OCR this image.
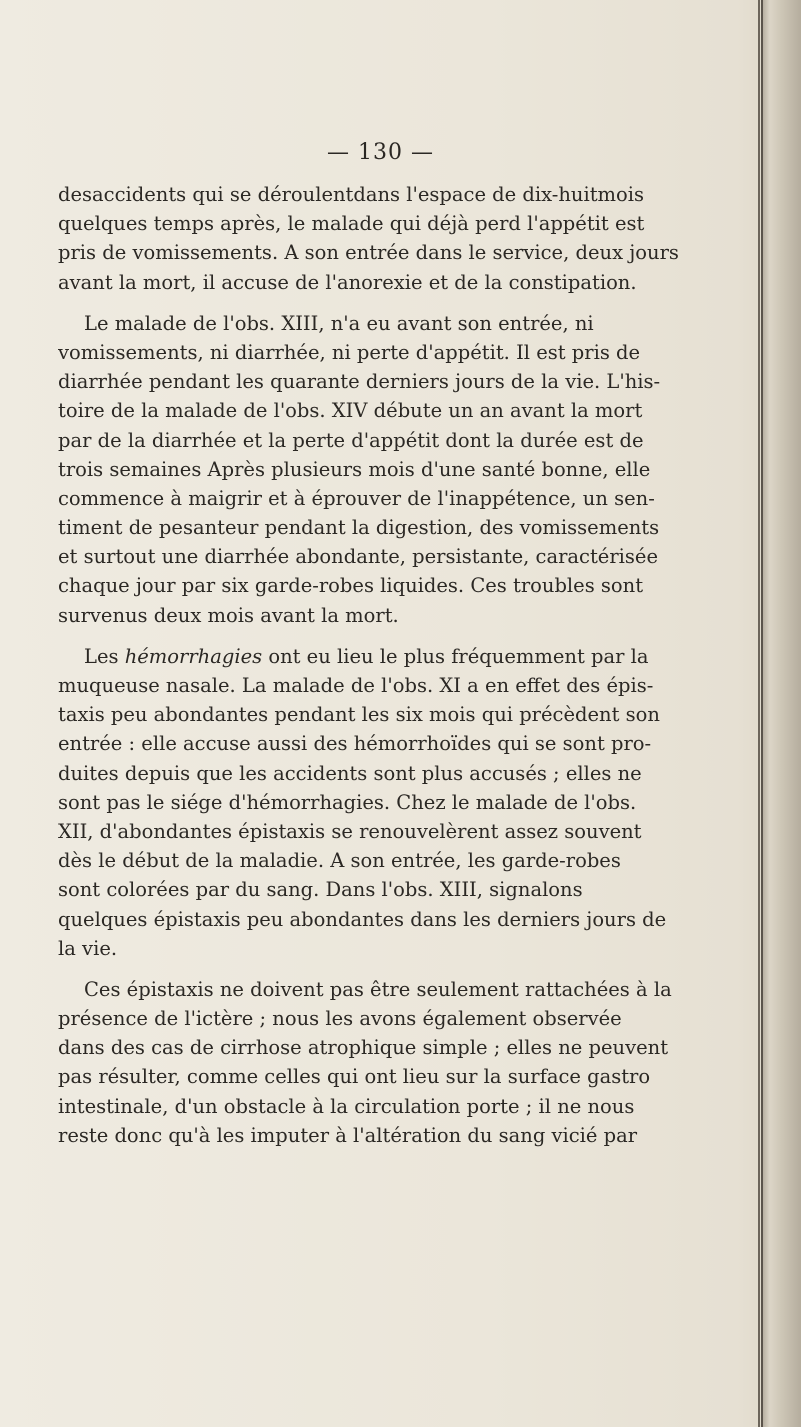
— 130 —
desaccidents qui se déroulentdans l'espace de dix-huitmois
quelques temps après, le malade qui déjà perd l'appétit est
pris de vomissements. A son entrée dans le service, deux jours
avant la mort, il accuse de l'anorexie et de la constipation.
Le malade de l'obs. XIII, n'a eu avant son entrée, ni
vomissements, ni diarrhée, ni perte d'appétit. Il est pris de
diarrhée pendant les quarante derniers jours de la vie. L'his-
toire de la malade de l'obs. XIV débute un an avant la mort
par de la diarrhée et la perte d'appétit dont la durée est de
trois semaines Après plusieurs mois d'une santé bonne, elle
commence à maigrir et à éprouver de l'inappétence, un sen-
timent de pesanteur pendant la digestion, des vomissements
et surtout une diarrhée abondante, persistante, caractérisée
chaque jour par six garde-robes liquides. Ces troubles sont
survenus deux mois avant la mort.
Les hémorrhagies ont eu lieu le plus fréquemment par la
muqueuse nasale. La malade de l'obs. XI a en effet des épis-
taxis peu abondantes pendant les six mois qui précèdent son
entrée : elle accuse aussi des hémorrhoïdes qui se sont pro-
duites depuis que les accidents sont plus accusés ; elles ne
sont pas le siége d'hémorrhagies. Chez le malade de l'obs.
XII, d'abondantes épistaxis se renouvelèrent assez souvent
dès le début de la maladie. A son entrée, les garde-robes
sont colorées par du sang. Dans l'obs. XIII, signalons
quelques épistaxis peu abondantes dans les derniers jours de
la vie.
Ces épistaxis ne doivent pas être seulement rattachées à la
présence de l'ictère ; nous les avons également observée
dans des cas de cirrhose atrophique simple ; elles ne peuvent
pas résulter, comme celles qui ont lieu sur la surface gastro
intestinale, d'un obstacle à la circulation porte ; il ne nous
reste donc qu'à les imputer à l'altération du sang vicié par
